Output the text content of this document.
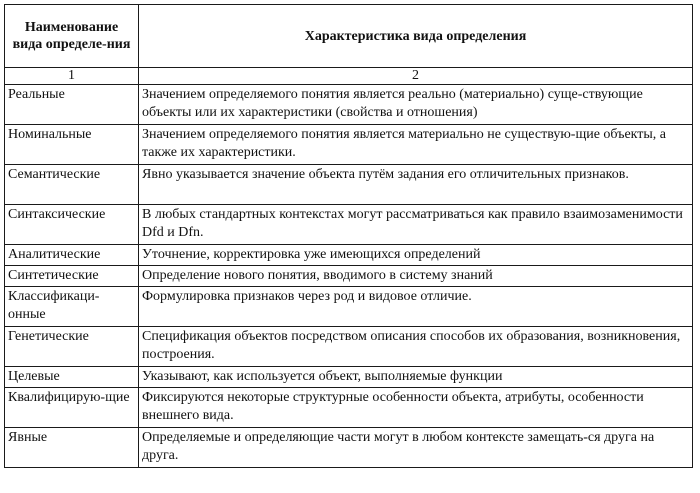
Наименование вида определе-ния	Характеристика вида определения
1	2
Реальные	Значением определяемого понятия является реально (материально) суще-ствующие объекты или их характеристики (свойства и отношения)
Номинальные	Значением определяемого понятия является материально не существую-щие объекты, а также их характеристики.
Семантические	Явно указывается значение объекта путём задания его отличительных признаков.
Синтаксические	В любых стандартных контекстах могут рассматриваться как правило взаимозаменимости Dfd и Dfn.
Аналитические	Уточнение, корректировка уже имеющихся определений
Синтетические	Определение нового понятия, вводимого в систему знаний
Классификаци-онные	Формулировка признаков через род и видовое отличие.
Генетические	Спецификация объектов посредством описания способов их образования, возникновения, построения.
Целевые	Указывают, как используется объект, выполняемые функции
Квалифицирую-щие	Фиксируются некоторые структурные особенности объекта, атрибуты, особенности внешнего вида.
Явные	Определяемые и определяющие части могут в любом контексте замещать-ся друга на друга.
